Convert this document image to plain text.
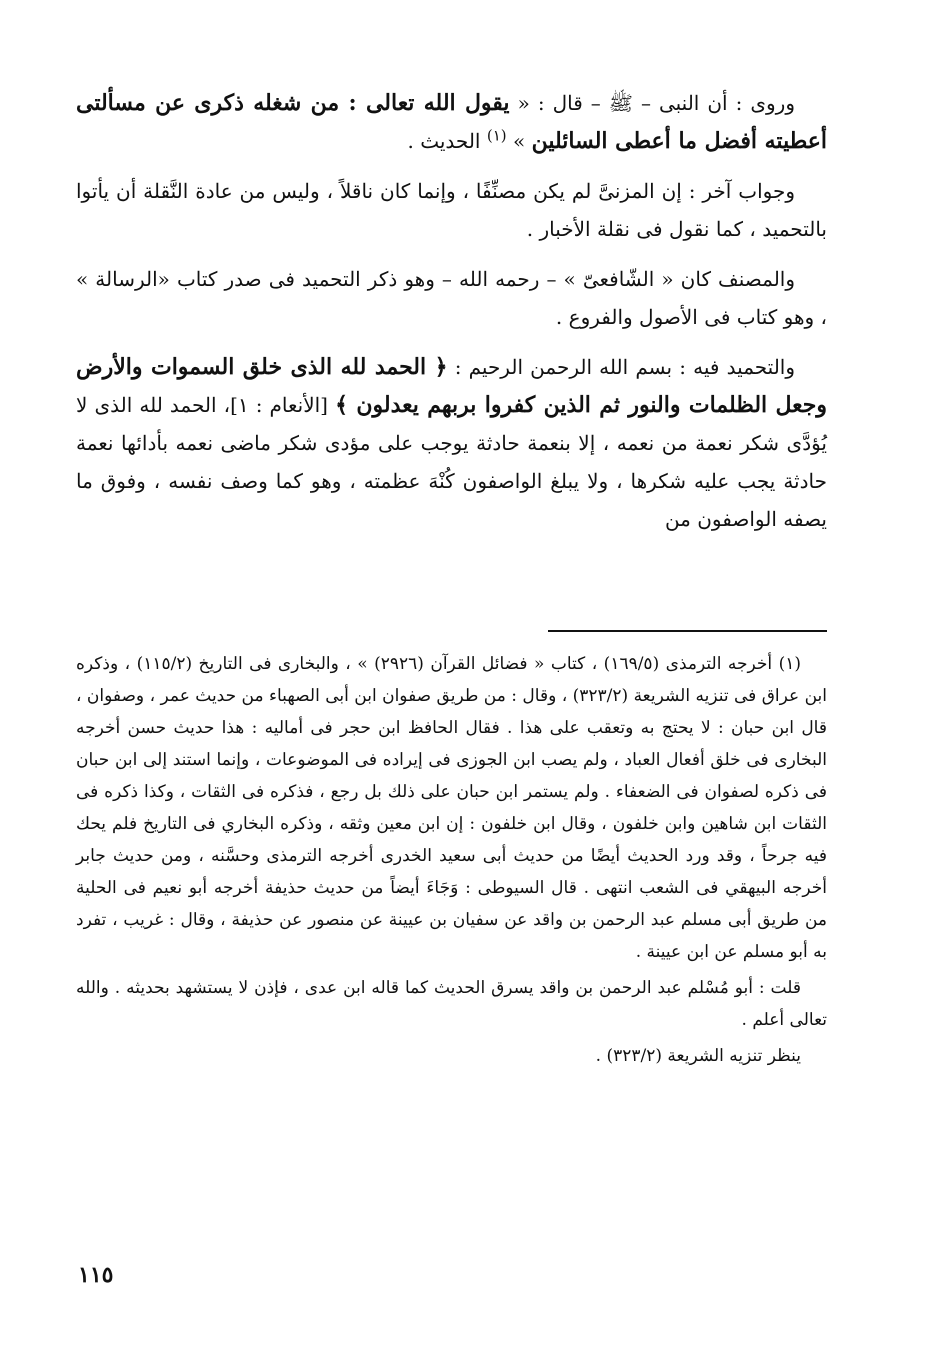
وروى : أن النبى – ﷺ – قال : « يقول الله تعالى : من شغله ذكرى عن مسألتى أعطيته أفضل ما أعطى السائلين » $^{(١)}$ الحديث .

وجواب آخر : إن المزنىَّ لم يكن مصنِّفًا ، وإنما كان ناقلاً ، وليس من عادة النَّقلة أن يأتوا بالتحميد ، كما نقول فى نقلة الأخبار .

والمصنف كان « الشّافعىّ » – رحمه الله – وهو ذكر التحميد فى صدر كتاب «الرسالة » ، وهو كتاب فى الأصول والفروع .

والتحميد فيه : بسم الله الرحمن الرحيم : ﴿ الحمد لله الذى خلق السموات والأرض وجعل الظلمات والنور ثم الذين كفروا بربهم يعدلون ﴾ [الأنعام : ١]، الحمد لله الذى لا يُؤدَّى شكر نعمة من نعمه ، إلا بنعمة حادثة يوجب على مؤدى شكر ماضى نعمه بأدائها نعمة حادثة يجب عليه شكرها ، ولا يبلغ الواصفون كُنْهَ عظمته ، وهو كما وصف نفسه ، وفوق ما يصفه الواصفون من

(١) أخرجه الترمذى (١٦٩/٥) ، كتاب « فضائل القرآن (٢٩٢٦) » ، والبخارى فى التاريخ (١١٥/٢) ، وذكره ابن عراق فى تنزيه الشريعة (٣٢٣/٢) ، وقال : من طريق صفوان ابن أبى الصهباء من حديث عمر ، وصفوان ، قال ابن حبان : لا يحتج به وتعقب على هذا . فقال الحافظ ابن حجر فى أماليه : هذا حديث حسن أخرجه البخارى فى خلق أفعال العباد ، ولم يصب ابن الجوزى فى إيراده فى الموضوعات ، وإنما استند إلى ابن حبان فى ذكره لصفوان فى الضعفاء . ولم يستمر ابن حبان على ذلك بل رجع ، فذكره فى الثقات ، وكذا ذكره فى الثقات ابن شاهين وابن خلفون ، وقال ابن خلفون : إن ابن معين وثقه ، وذكره البخاري فى التاريخ فلم يحك فيه جرحاً ، وقد ورد الحديث أيضًا من حديث أبى سعيد الخدرى أخرجه الترمذى وحسَّنه ، ومن حديث جابر أخرجه البيهقي فى الشعب انتهى . قال السيوطى : وَجَاءَ أيضاً من حديث حذيفة أخرجه أبو نعيم فى الحلية من طريق أبى مسلم عبد الرحمن بن واقد عن سفيان بن عيينة عن منصور عن حذيفة ، وقال : غريب ، تفرد به أبو مسلم عن ابن عيينة .

قلت : أبو مُسْلم عبد الرحمن بن واقد يسرق الحديث كما قاله ابن عدى ، فإذن لا يستشهد بحديثه . والله تعالى أعلم .

ينظر تنزيه الشريعة (٣٢٣/٢) .

١١٥
